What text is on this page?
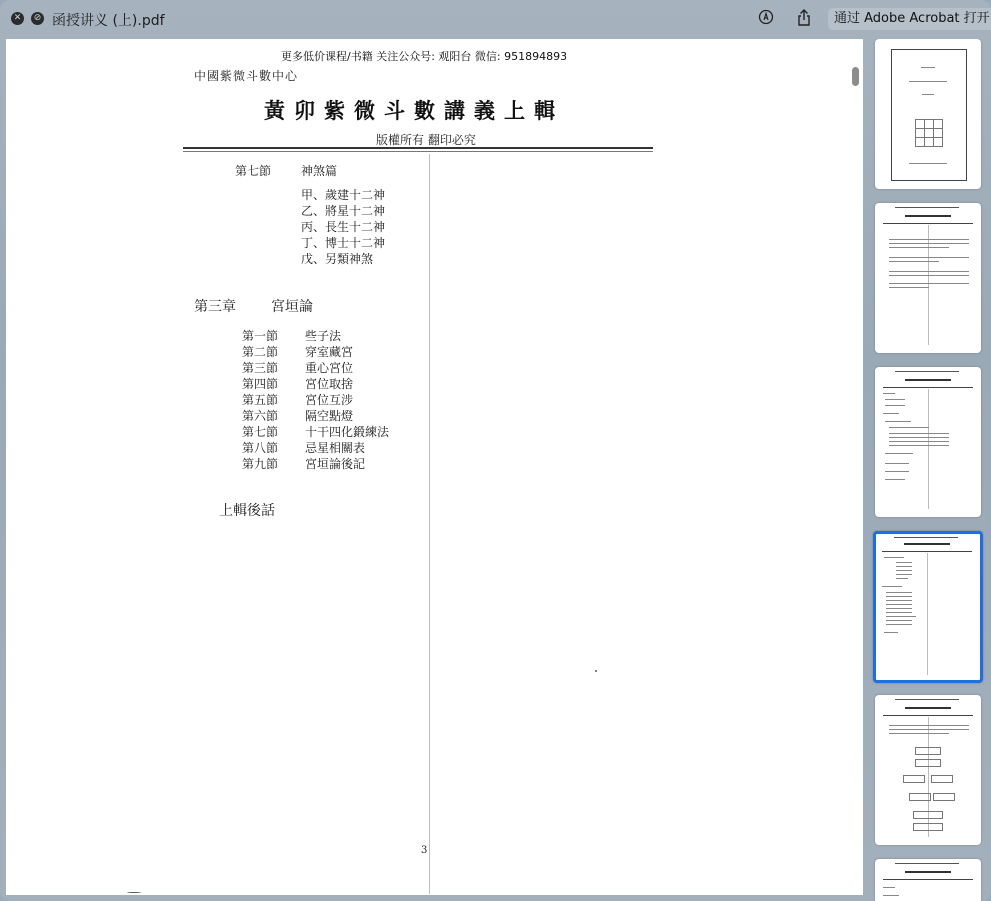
✕	⊘ 函授讲义 (上).pdf	通过 Adobe Acrobat 打开
更多低价课程/书籍 关注公众号: 观阳台 微信: 951894893
中國紫微斗數中心
黃卯紫微斗數講義上輯
版權所有 翻印必究
第七節 神煞篇
甲、歲建十二神
乙、將星十二神
丙、長生十二神
丁、博士十二神
戊、另類神煞
第三章	宮垣論
第一節 些子法
第二節 穿室藏宮
第三節 重心宮位
第四節 宮位取捨
第五節 宮位互涉
第六節 隔空點燈
第七節 十干四化鍛練法
第八節 忌星相關表
第九節 宮垣論後記
上輯後話
3
